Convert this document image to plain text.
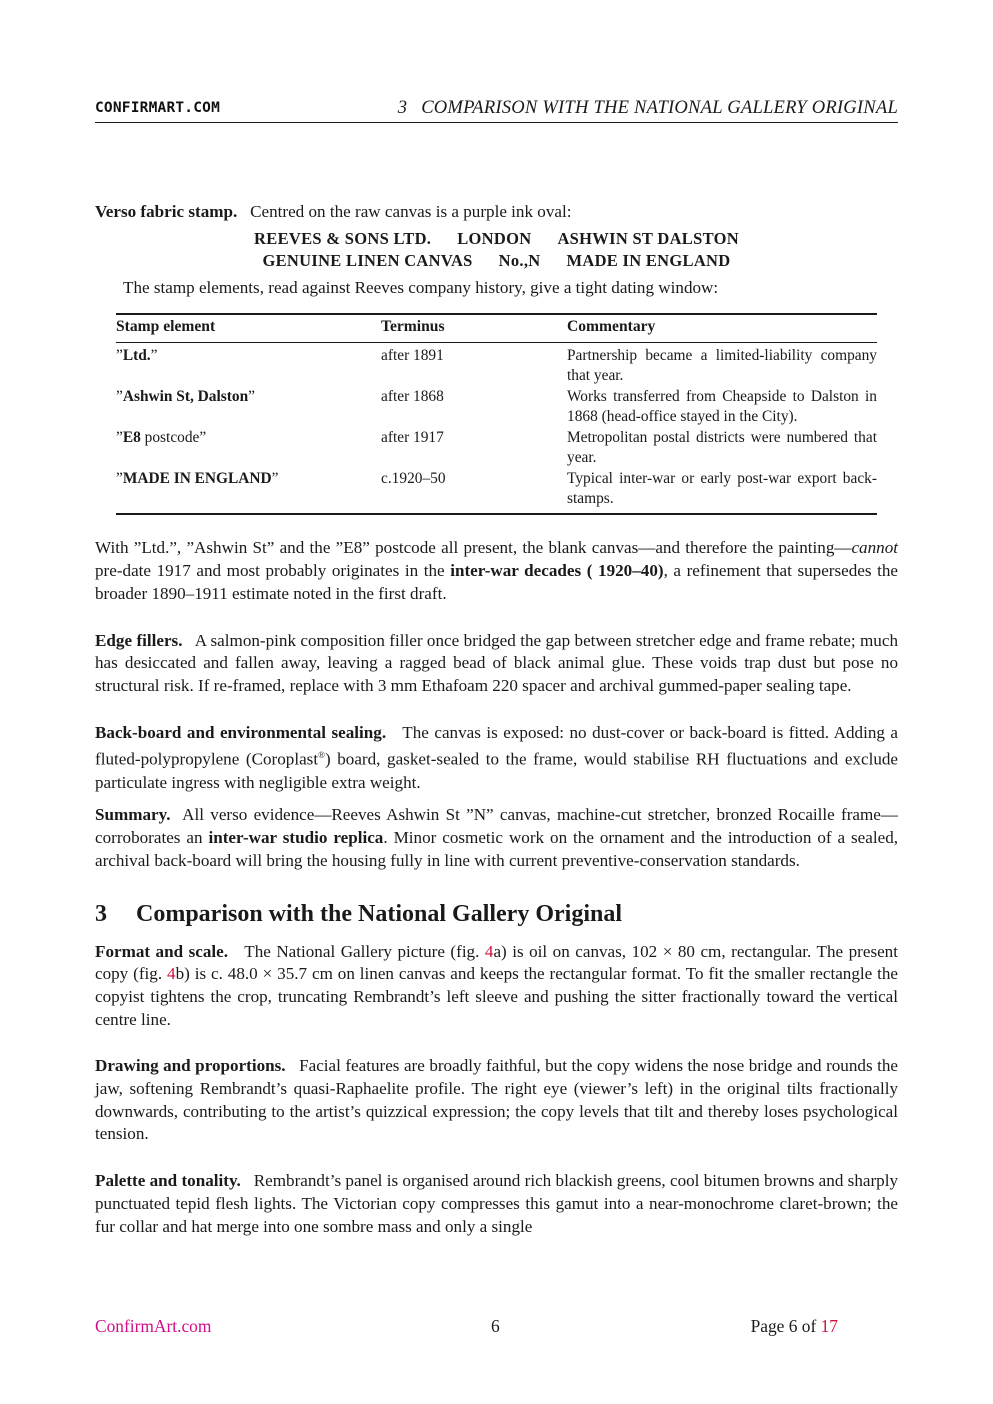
CONFIRMART.COM	3 COMPARISON WITH THE NATIONAL GALLERY ORIGINAL

Verso fabric stamp. Centred on the raw canvas is a purple ink oval:

REEVES & SONS LTD. LONDON ASHWIN ST DALSTON
GENUINE LINEN CANVAS No.,N MADE IN ENGLAND

The stamp elements, read against Reeves company history, give a tight dating window:

Stamp element	Terminus	Commentary
”Ltd.”	after 1891	Partnership became a limited-liability company that year.
”Ashwin St, Dalston”	after 1868	Works transferred from Cheapside to Dalston in 1868 (head-office stayed in the City).
”E8 postcode”	after 1917	Metropolitan postal districts were numbered that year.
”MADE IN ENGLAND”	c.1920–50	Typical inter-war or early post-war export back-stamps.

With ”Ltd.”, ”Ashwin St” and the ”E8” postcode all present, the blank canvas—and therefore the painting—cannot pre-date 1917 and most probably originates in the inter-war decades ( 1920–40), a refinement that supersedes the broader 1890–1911 estimate noted in the first draft.

Edge fillers. A salmon-pink composition filler once bridged the gap between stretcher edge and frame rebate; much has desiccated and fallen away, leaving a ragged bead of black animal glue. These voids trap dust but pose no structural risk. If re-framed, replace with 3 mm Ethafoam 220 spacer and archival gummed-paper sealing tape.

Back-board and environmental sealing. The canvas is exposed: no dust-cover or back-board is fitted. Adding a fluted-polypropylene (Coroplast®) board, gasket-sealed to the frame, would stabilise RH fluctuations and exclude particulate ingress with negligible extra weight.

Summary. All verso evidence—Reeves Ashwin St ”N” canvas, machine-cut stretcher, bronzed Rocaille frame—corroborates an inter-war studio replica. Minor cosmetic work on the ornament and the introduction of a sealed, archival back-board will bring the housing fully in line with current preventive-conservation standards.

3 Comparison with the National Gallery Original

Format and scale. The National Gallery picture (fig. 4a) is oil on canvas, 102 × 80 cm, rectangular. The present copy (fig. 4b) is c. 48.0 × 35.7 cm on linen canvas and keeps the rectangular format. To fit the smaller rectangle the copyist tightens the crop, truncating Rembrandt’s left sleeve and pushing the sitter fractionally toward the vertical centre line.

Drawing and proportions. Facial features are broadly faithful, but the copy widens the nose bridge and rounds the jaw, softening Rembrandt’s quasi-Raphaelite profile. The right eye (viewer’s left) in the original tilts fractionally downwards, contributing to the artist’s quizzical expression; the copy levels that tilt and thereby loses psychological tension.

Palette and tonality. Rembrandt’s panel is organised around rich blackish greens, cool bitumen browns and sharply punctuated tepid flesh lights. The Victorian copy compresses this gamut into a near-monochrome claret-brown; the fur collar and hat merge into one sombre mass and only a single

ConfirmArt.com	6	Page 6 of 17
